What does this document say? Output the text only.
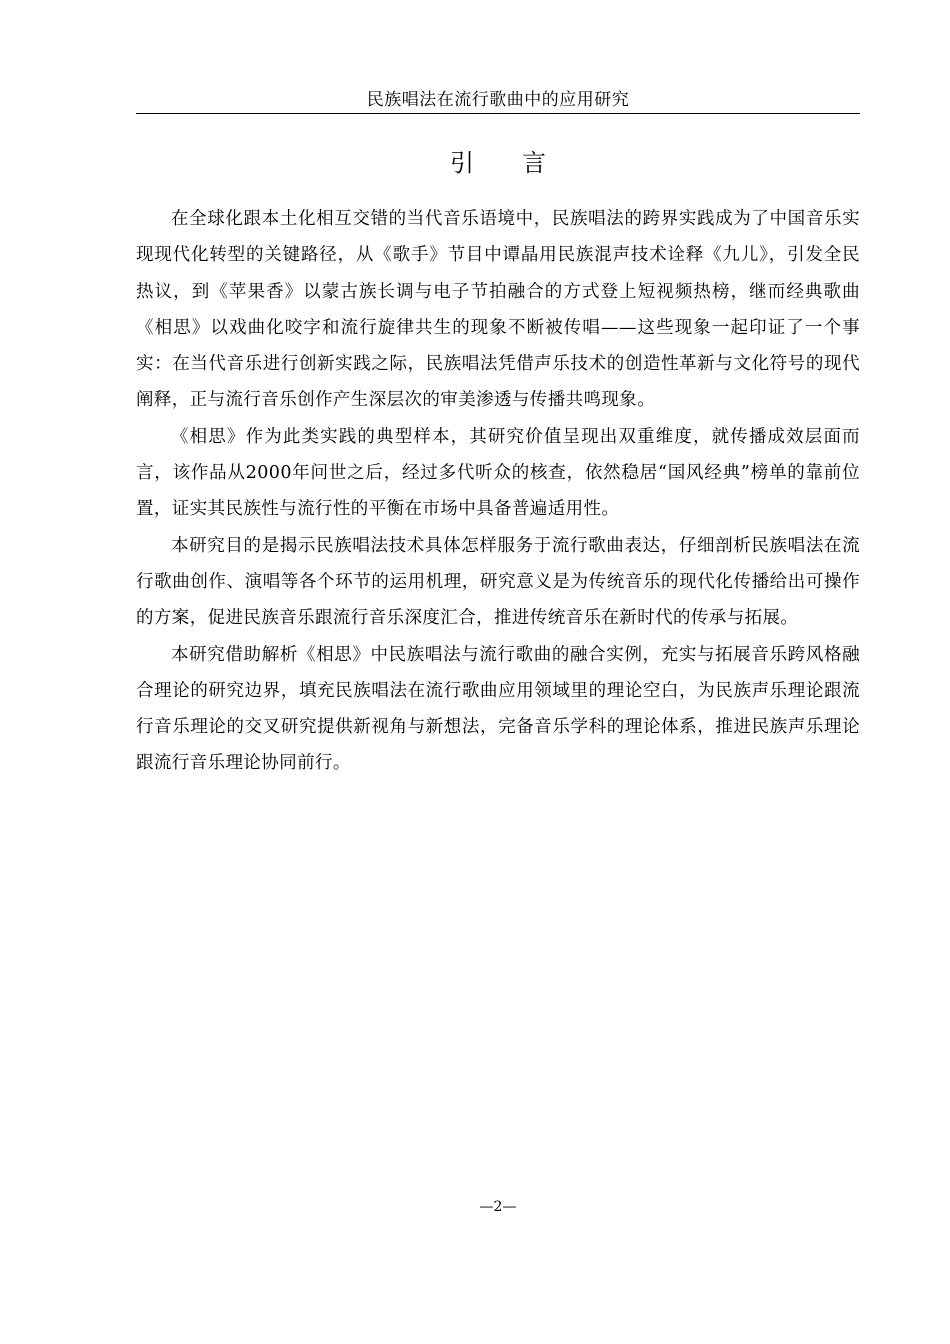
民族唱法在流行歌曲中的应用研究
引言

在全球化跟本土化相互交错的当代音乐语境中，民族唱法的跨界实践成为了中国音乐实现现代化转型的关键路径，从《歌手》节目中谭晶用民族混声技术诠释《九儿》，引发全民热议，到《苹果香》以蒙古族长调与电子节拍融合的方式登上短视频热榜，继而经典歌曲《相思》以戏曲化咬字和流行旋律共生的现象不断被传唱——这些现象一起印证了一个事实：在当代音乐进行创新实践之际，民族唱法凭借声乐技术的创造性革新与文化符号的现代阐释，正与流行音乐创作产生深层次的审美渗透与传播共鸣现象。

《相思》作为此类实践的典型样本，其研究价值呈现出双重维度，就传播成效层面而言，该作品从2000年问世之后，经过多代听众的核查，依然稳居“国风经典”榜单的靠前位置，证实其民族性与流行性的平衡在市场中具备普遍适用性。

本研究目的是揭示民族唱法技术具体怎样服务于流行歌曲表达，仔细剖析民族唱法在流行歌曲创作、演唱等各个环节的运用机理，研究意义是为传统音乐的现代化传播给出可操作的方案，促进民族音乐跟流行音乐深度汇合，推进传统音乐在新时代的传承与拓展。

本研究借助解析《相思》中民族唱法与流行歌曲的融合实例，充实与拓展音乐跨风格融合理论的研究边界，填充民族唱法在流行歌曲应用领域里的理论空白，为民族声乐理论跟流行音乐理论的交叉研究提供新视角与新想法，完备音乐学科的理论体系，推进民族声乐理论跟流行音乐理论协同前行。

—2—
